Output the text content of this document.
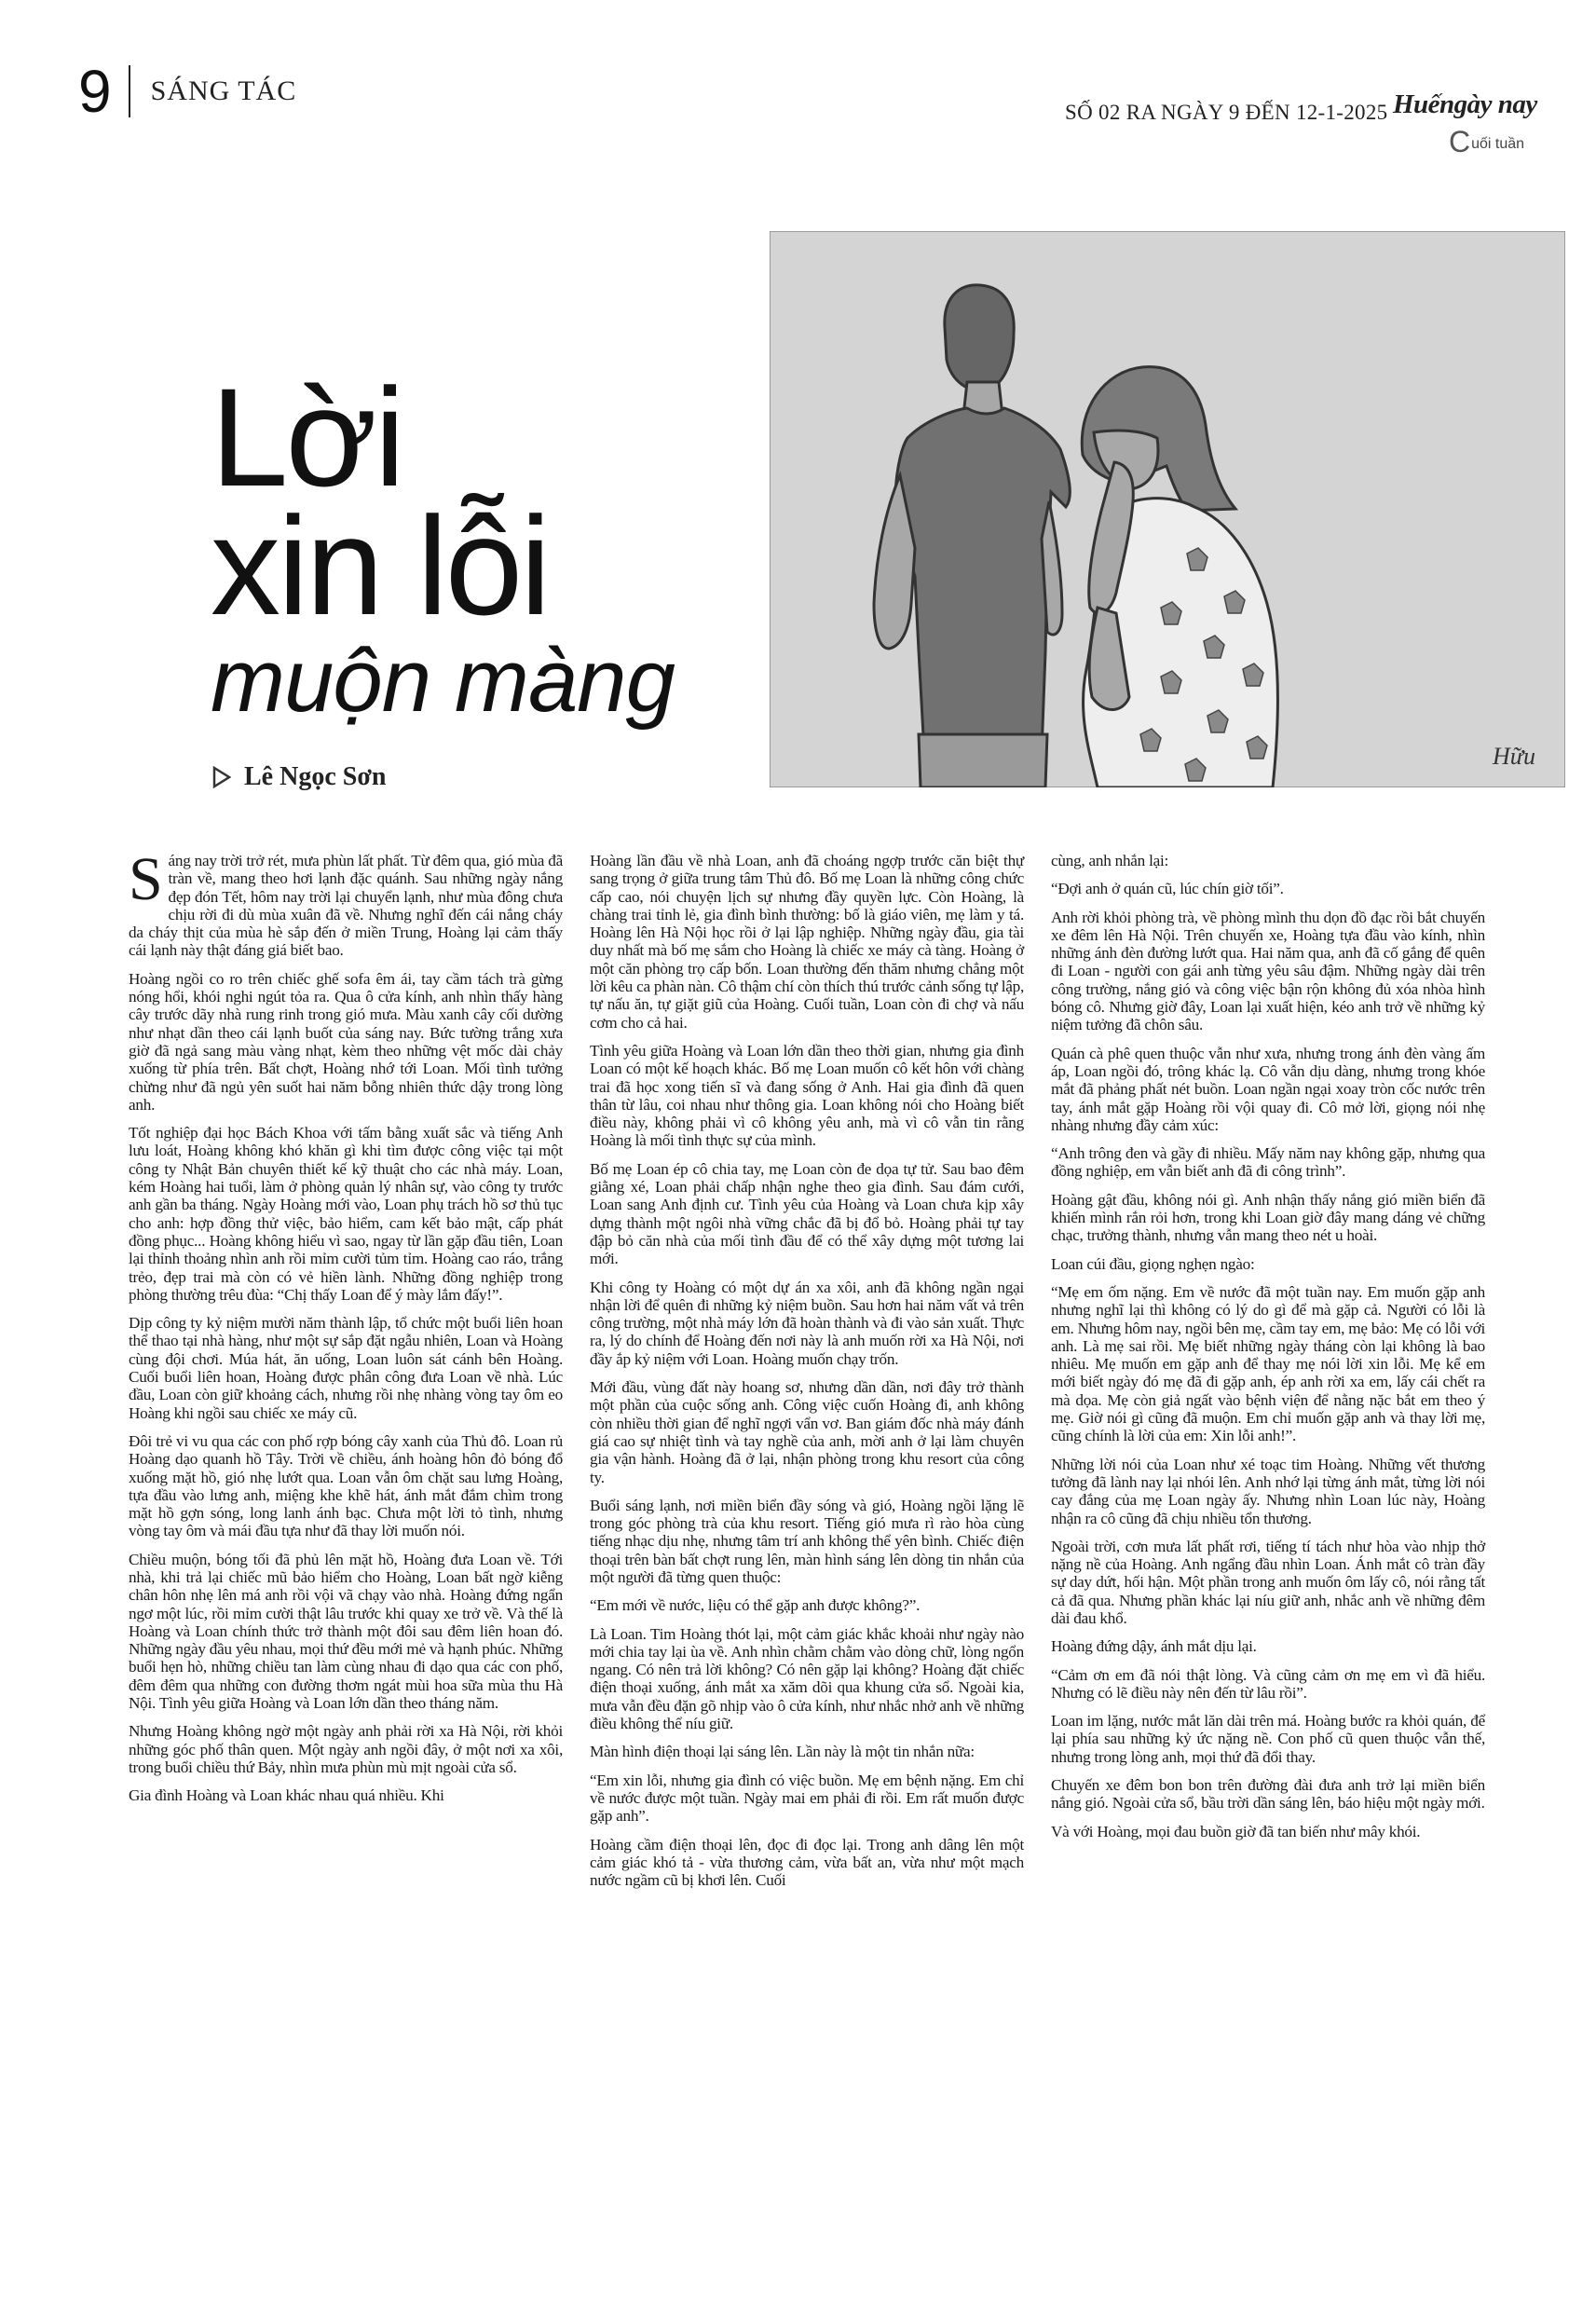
9 SÁNG TÁC
SỐ 02 RA NGÀY 9 ĐẾN 12-1-2025 Huếngày nay
C uối tuần
Lời
xin lỗi
muộn màng
Lê Ngọc Sơn
Hữu

Sáng nay trời trở rét, mưa phùn lất phất. Từ đêm qua, gió mùa đã tràn về, mang theo hơi lạnh đặc quánh. Sau những ngày nắng đẹp đón Tết, hôm nay trời lại chuyển lạnh, như mùa đông chưa chịu rời đi dù mùa xuân đã về. Nhưng nghĩ đến cái nắng cháy da cháy thịt của mùa hè sắp đến ở miền Trung, Hoàng lại cảm thấy cái lạnh này thật đáng giá biết bao.

Hoàng ngồi co ro trên chiếc ghế sofa êm ái, tay cầm tách trà gừng nóng hổi, khói nghi ngút tỏa ra. Qua ô cửa kính, anh nhìn thấy hàng cây trước dãy nhà rung rinh trong gió mưa. Màu xanh cây cối dường như nhạt dần theo cái lạnh buốt của sáng nay. Bức tường trắng xưa giờ đã ngả sang màu vàng nhạt, kèm theo những vệt mốc dài chảy xuống từ phía trên. Bất chợt, Hoàng nhớ tới Loan. Mối tình tưởng chừng như đã ngủ yên suốt hai năm bỗng nhiên thức dậy trong lòng anh.

Tốt nghiệp đại học Bách Khoa với tấm bằng xuất sắc và tiếng Anh lưu loát, Hoàng không khó khăn gì khi tìm được công việc tại một công ty Nhật Bản chuyên thiết kế kỹ thuật cho các nhà máy. Loan, kém Hoàng hai tuổi, làm ở phòng quản lý nhân sự, vào công ty trước anh gần ba tháng. Ngày Hoàng mới vào, Loan phụ trách hồ sơ thủ tục cho anh: hợp đồng thử việc, bảo hiểm, cam kết bảo mật, cấp phát đồng phục... Hoàng không hiểu vì sao, ngay từ lần gặp đầu tiên, Loan lại thỉnh thoảng nhìn anh rồi mỉm cười tủm tỉm. Hoàng cao ráo, trắng trẻo, đẹp trai mà còn có vẻ hiền lành. Những đồng nghiệp trong phòng thường trêu đùa: “Chị thấy Loan để ý mày lắm đấy!”.

Dịp công ty kỷ niệm mười năm thành lập, tổ chức một buổi liên hoan thể thao tại nhà hàng, như một sự sắp đặt ngẫu nhiên, Loan và Hoàng cùng đội chơi. Múa hát, ăn uống, Loan luôn sát cánh bên Hoàng. Cuối buổi liên hoan, Hoàng được phân công đưa Loan về nhà. Lúc đầu, Loan còn giữ khoảng cách, nhưng rồi nhẹ nhàng vòng tay ôm eo Hoàng khi ngồi sau chiếc xe máy cũ.

Đôi trẻ vi vu qua các con phố rợp bóng cây xanh của Thủ đô. Loan rủ Hoàng dạo quanh hồ Tây. Trời về chiều, ánh hoàng hôn đỏ bóng đổ xuống mặt hồ, gió nhẹ lướt qua. Loan vẫn ôm chặt sau lưng Hoàng, tựa đầu vào lưng anh, miệng khe khẽ hát, ánh mắt đắm chìm trong mặt hồ gợn sóng, long lanh ánh bạc. Chưa một lời tỏ tình, nhưng vòng tay ôm và mái đầu tựa như đã thay lời muốn nói.

Chiều muộn, bóng tối đã phủ lên mặt hồ, Hoàng đưa Loan về. Tới nhà, khi trả lại chiếc mũ bảo hiểm cho Hoàng, Loan bất ngờ kiễng chân hôn nhẹ lên má anh rồi vội vã chạy vào nhà. Hoàng đứng ngẩn ngơ một lúc, rồi mỉm cười thật lâu trước khi quay xe trở về. Và thế là Hoàng và Loan chính thức trở thành một đôi sau đêm liên hoan đó. Những ngày đầu yêu nhau, mọi thứ đều mới mẻ và hạnh phúc. Những buổi hẹn hò, những chiều tan làm cùng nhau đi dạo qua các con phố, đêm đêm qua những con đường thơm ngát mùi hoa sữa mùa thu Hà Nội. Tình yêu giữa Hoàng và Loan lớn dần theo tháng năm.

Nhưng Hoàng không ngờ một ngày anh phải rời xa Hà Nội, rời khỏi những góc phố thân quen. Một ngày anh ngồi đây, ở một nơi xa xôi, trong buổi chiều thứ Bảy, nhìn mưa phùn mù mịt ngoài cửa sổ.

Gia đình Hoàng và Loan khác nhau quá nhiều. Khi

Hoàng lần đầu về nhà Loan, anh đã choáng ngợp trước căn biệt thự sang trọng ở giữa trung tâm Thủ đô. Bố mẹ Loan là những công chức cấp cao, nói chuyện lịch sự nhưng đầy quyền lực. Còn Hoàng, là chàng trai tỉnh lẻ, gia đình bình thường: bố là giáo viên, mẹ làm y tá. Hoàng lên Hà Nội học rồi ở lại lập nghiệp. Những ngày đầu, gia tài duy nhất mà bố mẹ sắm cho Hoàng là chiếc xe máy cà tàng. Hoàng ở một căn phòng trọ cấp bốn. Loan thường đến thăm nhưng chẳng một lời kêu ca phàn nàn. Cô thậm chí còn thích thú trước cảnh sống tự lập, tự nấu ăn, tự giặt giũ của Hoàng. Cuối tuần, Loan còn đi chợ và nấu cơm cho cả hai.

Tình yêu giữa Hoàng và Loan lớn dần theo thời gian, nhưng gia đình Loan có một kế hoạch khác. Bố mẹ Loan muốn cô kết hôn với chàng trai đã học xong tiến sĩ và đang sống ở Anh. Hai gia đình đã quen thân từ lâu, coi nhau như thông gia. Loan không nói cho Hoàng biết điều này, không phải vì cô không yêu anh, mà vì cô vẫn tin rằng Hoàng là mối tình thực sự của mình.

Bố mẹ Loan ép cô chia tay, mẹ Loan còn đe dọa tự tử. Sau bao đêm giằng xé, Loan phải chấp nhận nghe theo gia đình. Sau đám cưới, Loan sang Anh định cư. Tình yêu của Hoàng và Loan chưa kịp xây dựng thành một ngôi nhà vững chắc đã bị đổ bỏ. Hoàng phải tự tay đập bỏ căn nhà của mối tình đầu để có thể xây dựng một tương lai mới.

Khi công ty Hoàng có một dự án xa xôi, anh đã không ngần ngại nhận lời để quên đi những kỷ niệm buồn. Sau hơn hai năm vất vả trên công trường, một nhà máy lớn đã hoàn thành và đi vào sản xuất. Thực ra, lý do chính để Hoàng đến nơi này là anh muốn rời xa Hà Nội, nơi đầy ắp kỷ niệm với Loan. Hoàng muốn chạy trốn.

Mới đầu, vùng đất này hoang sơ, nhưng dần dần, nơi đây trở thành một phần của cuộc sống anh. Công việc cuốn Hoàng đi, anh không còn nhiều thời gian để nghĩ ngợi vẩn vơ. Ban giám đốc nhà máy đánh giá cao sự nhiệt tình và tay nghề của anh, mời anh ở lại làm chuyên gia vận hành. Hoàng đã ở lại, nhận phòng trong khu resort của công ty.

Buổi sáng lạnh, nơi miền biển đầy sóng và gió, Hoàng ngồi lặng lẽ trong góc phòng trà của khu resort. Tiếng gió mưa rì rào hòa cùng tiếng nhạc dịu nhẹ, nhưng tâm trí anh không thể yên bình. Chiếc điện thoại trên bàn bất chợt rung lên, màn hình sáng lên dòng tin nhắn của một người đã từng quen thuộc:

“Em mới về nước, liệu có thể gặp anh được không?”.

Là Loan. Tim Hoàng thót lại, một cảm giác khắc khoải như ngày nào mới chia tay lại ùa về. Anh nhìn chằm chằm vào dòng chữ, lòng ngổn ngang. Có nên trả lời không? Có nên gặp lại không? Hoàng đặt chiếc điện thoại xuống, ánh mắt xa xăm dõi qua khung cửa sổ. Ngoài kia, mưa vẫn đều đặn gõ nhịp vào ô cửa kính, như nhắc nhở anh về những điều không thể níu giữ.

Màn hình điện thoại lại sáng lên. Lần này là một tin nhắn nữa:

“Em xin lỗi, nhưng gia đình có việc buồn. Mẹ em bệnh nặng. Em chỉ về nước được một tuần. Ngày mai em phải đi rồi. Em rất muốn được gặp anh”.

Hoàng cầm điện thoại lên, đọc đi đọc lại. Trong anh dâng lên một cảm giác khó tả - vừa thương cảm, vừa bất an, vừa như một mạch nước ngầm cũ bị khơi lên. Cuối

cùng, anh nhắn lại:

“Đợi anh ở quán cũ, lúc chín giờ tối”.

Anh rời khỏi phòng trà, về phòng mình thu dọn đồ đạc rồi bắt chuyến xe đêm lên Hà Nội. Trên chuyến xe, Hoàng tựa đầu vào kính, nhìn những ánh đèn đường lướt qua. Hai năm qua, anh đã cố gắng để quên đi Loan - người con gái anh từng yêu sâu đậm. Những ngày dài trên công trường, nắng gió và công việc bận rộn không đủ xóa nhòa hình bóng cô. Nhưng giờ đây, Loan lại xuất hiện, kéo anh trở về những kỷ niệm tưởng đã chôn sâu.

Quán cà phê quen thuộc vẫn như xưa, nhưng trong ánh đèn vàng ấm áp, Loan ngồi đó, trông khác lạ. Cô vẫn dịu dàng, nhưng trong khóe mắt đã phảng phất nét buồn. Loan ngần ngại xoay tròn cốc nước trên tay, ánh mắt gặp Hoàng rồi vội quay đi. Cô mở lời, giọng nói nhẹ nhàng nhưng đầy cảm xúc:

“Anh trông đen và gầy đi nhiều. Mấy năm nay không gặp, nhưng qua đồng nghiệp, em vẫn biết anh đã đi công trình”.

Hoàng gật đầu, không nói gì. Anh nhận thấy nắng gió miền biển đã khiến mình rắn rỏi hơn, trong khi Loan giờ đây mang dáng vẻ chững chạc, trưởng thành, nhưng vẫn mang theo nét u hoài.

Loan cúi đầu, giọng nghẹn ngào:

“Mẹ em ốm nặng. Em về nước đã một tuần nay. Em muốn gặp anh nhưng nghĩ lại thì không có lý do gì để mà gặp cả. Người có lỗi là em. Nhưng hôm nay, ngồi bên mẹ, cầm tay em, mẹ bảo: Mẹ có lỗi với anh. Là mẹ sai rồi. Mẹ biết những ngày tháng còn lại không là bao nhiêu. Mẹ muốn em gặp anh để thay mẹ nói lời xin lỗi. Mẹ kể em mới biết ngày đó mẹ đã đi gặp anh, ép anh rời xa em, lấy cái chết ra mà dọa. Mẹ còn giả ngất vào bệnh viện để nằng nặc bắt em theo ý mẹ. Giờ nói gì cũng đã muộn. Em chỉ muốn gặp anh và thay lời mẹ, cũng chính là lời của em: Xin lỗi anh!”.

Những lời nói của Loan như xé toạc tim Hoàng. Những vết thương tưởng đã lành nay lại nhói lên. Anh nhớ lại từng ánh mắt, từng lời nói cay đắng của mẹ Loan ngày ấy. Nhưng nhìn Loan lúc này, Hoàng nhận ra cô cũng đã chịu nhiều tổn thương.

Ngoài trời, cơn mưa lất phất rơi, tiếng tí tách như hòa vào nhịp thở nặng nề của Hoàng. Anh ngẩng đầu nhìn Loan. Ánh mắt cô tràn đầy sự day dứt, hối hận. Một phần trong anh muốn ôm lấy cô, nói rằng tất cả đã qua. Nhưng phần khác lại níu giữ anh, nhắc anh về những đêm dài đau khổ.

Hoàng đứng dậy, ánh mắt dịu lại.

“Cảm ơn em đã nói thật lòng. Và cũng cảm ơn mẹ em vì đã hiểu. Nhưng có lẽ điều này nên đến từ lâu rồi”.

Loan im lặng, nước mắt lăn dài trên má. Hoàng bước ra khỏi quán, để lại phía sau những kỷ ức nặng nề. Con phố cũ quen thuộc vẫn thế, nhưng trong lòng anh, mọi thứ đã đổi thay.

Chuyến xe đêm bon bon trên đường đài đưa anh trở lại miền biển nắng gió. Ngoài cửa sổ, bầu trời dần sáng lên, báo hiệu một ngày mới.

Và với Hoàng, mọi đau buồn giờ đã tan biến như mây khói.
